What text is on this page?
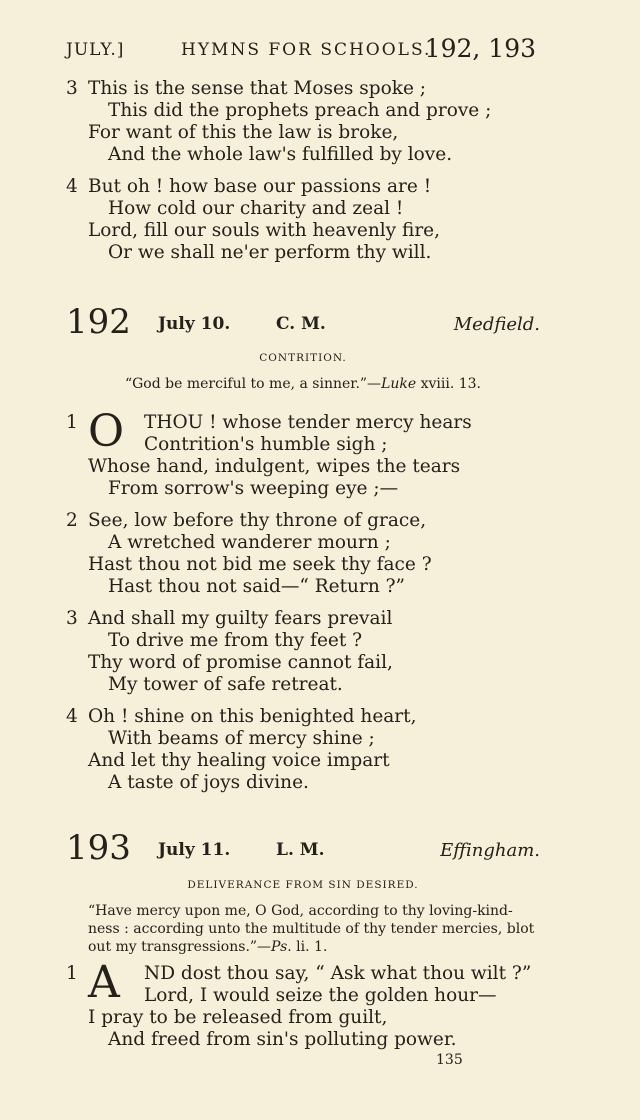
JULY.]	HYMNS FOR SCHOOLS.
192, 193
3 This is the sense that Moses spoke ;
This did the prophets preach and prove ;
For want of this the law is broke,
And the whole law's fulfilled by love.
4 But oh ! how base our passions are !
How cold our charity and zeal !
Lord, fill our souls with heavenly fire,
Or we shall ne'er perform thy will.
192 July 10.	C. M.	Medfield.
CONTRITION.
“God be merciful to me, a sinner.”—Luke xviii. 13.
1 O THOU ! whose tender mercy hears
Contrition's humble sigh ;
Whose hand, indulgent, wipes the tears
From sorrow's weeping eye ;—
2 See, low before thy throne of grace,
A wretched wanderer mourn ;
Hast thou not bid me seek thy face ?
Hast thou not said—“ Return ?”
3 And shall my guilty fears prevail
To drive me from thy feet ?
Thy word of promise cannot fail,
My tower of safe retreat.
4 Oh ! shine on this benighted heart,
With beams of mercy shine ;
And let thy healing voice impart
A taste of joys divine.
193 July 11.	L. M.	Effingham.
DELIVERANCE FROM SIN DESIRED.
“Have mercy upon me, O God, according to thy loving-kind-
ness : according unto the multitude of thy tender mercies, blot
out my transgressions.”—Ps. li. 1.
1 A ND dost thou say, “ Ask what thou wilt ?”
Lord, I would seize the golden hour—
I pray to be released from guilt,
And freed from sin's polluting power.
135
